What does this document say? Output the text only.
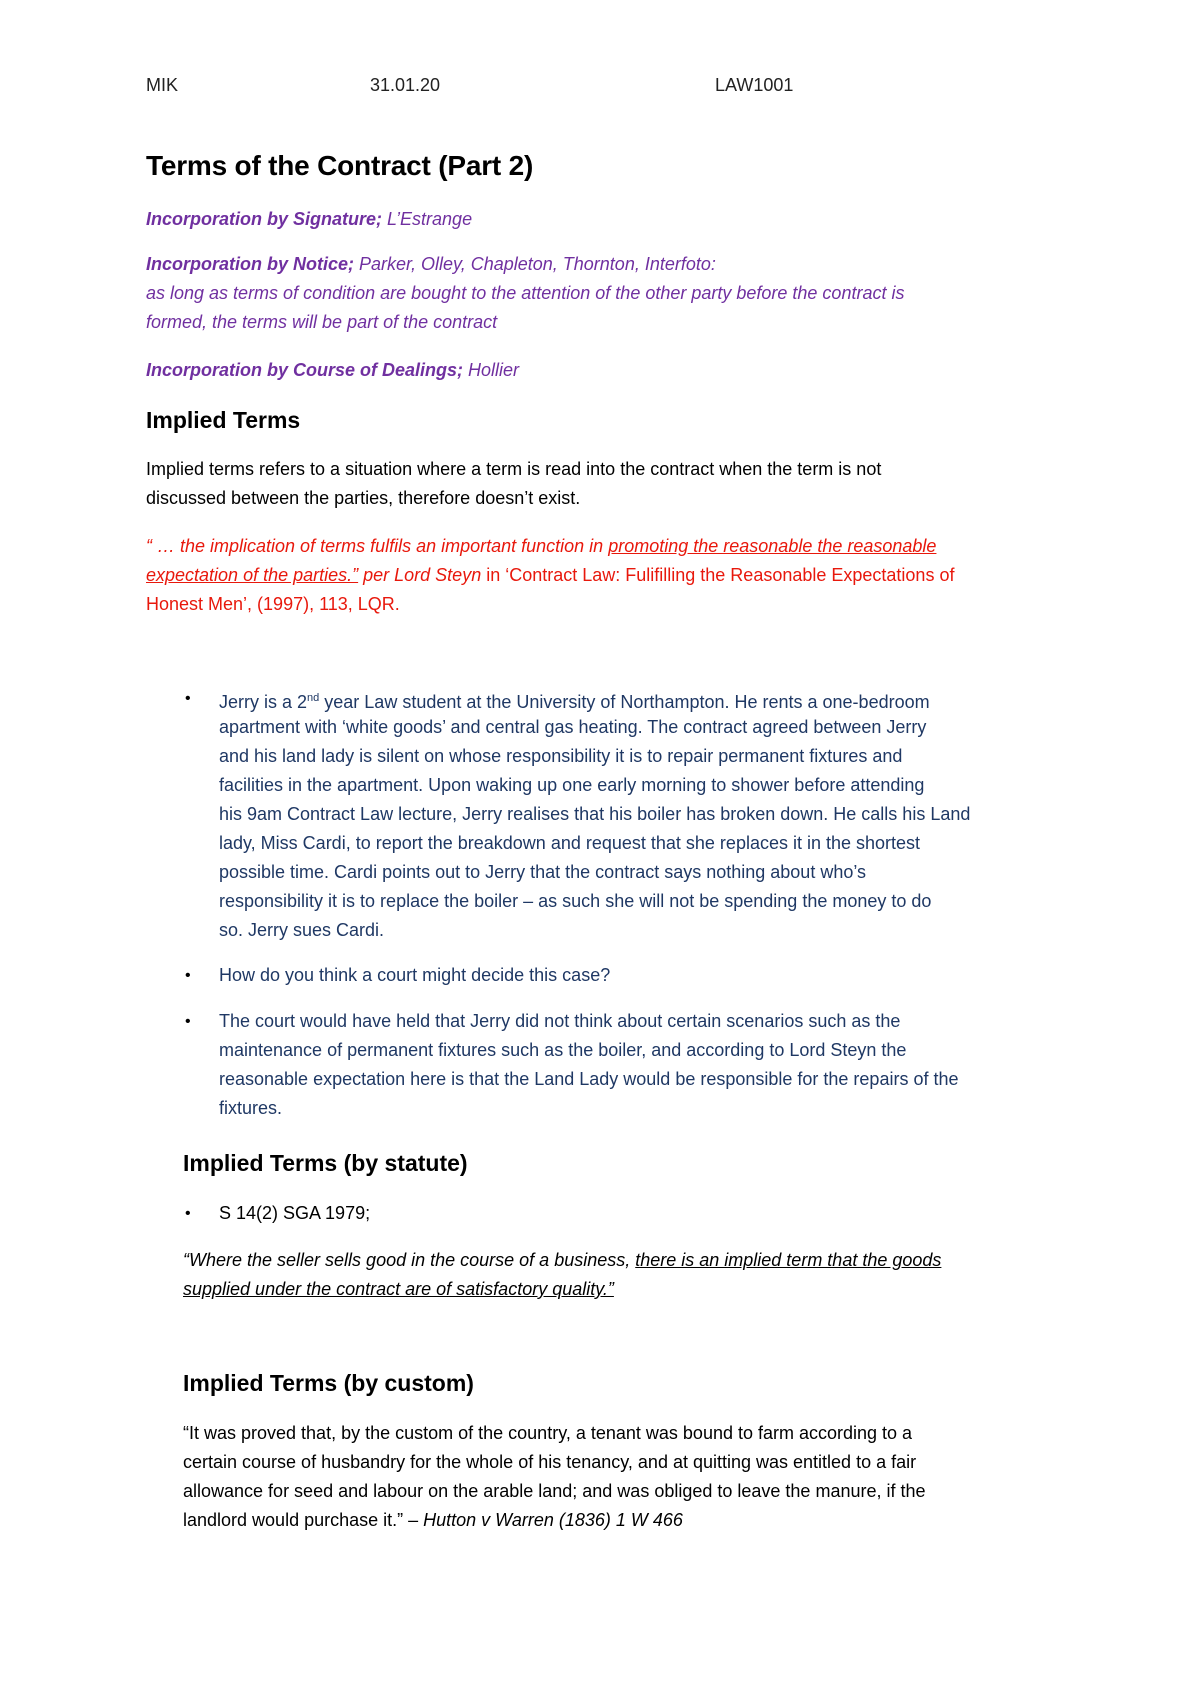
MIK	31.01.20	LAW1001
Terms of the Contract (Part 2)
Incorporation by Signature; L’Estrange
Incorporation by Notice; Parker, Olley, Chapleton, Thornton, Interfoto:
as long as terms of condition are bought to the attention of the other party before the contract is
formed, the terms will be part of the contract
Incorporation by Course of Dealings; Hollier
Implied Terms
Implied terms refers to a situation where a term is read into the contract when the term is not
discussed between the parties, therefore doesn’t exist.
“ … the implication of terms fulfils an important function in promoting the reasonable the reasonable
expectation of the parties.” per Lord Steyn in ‘Contract Law: Fulifilling the Reasonable Expectations of
Honest Men’, (1997), 113, LQR.
• Jerry is a 2nd year Law student at the University of Northampton. He rents a one-bedroom
apartment with ‘white goods’ and central gas heating. The contract agreed between Jerry
and his land lady is silent on whose responsibility it is to repair permanent fixtures and
facilities in the apartment. Upon waking up one early morning to shower before attending
his 9am Contract Law lecture, Jerry realises that his boiler has broken down. He calls his Land
lady, Miss Cardi, to report the breakdown and request that she replaces it in the shortest
possible time. Cardi points out to Jerry that the contract says nothing about who’s
responsibility it is to replace the boiler – as such she will not be spending the money to do
so. Jerry sues Cardi.
• How do you think a court might decide this case?
• The court would have held that Jerry did not think about certain scenarios such as the
maintenance of permanent fixtures such as the boiler, and according to Lord Steyn the
reasonable expectation here is that the Land Lady would be responsible for the repairs of the
fixtures.
Implied Terms (by statute)
• S 14(2) SGA 1979;
“Where the seller sells good in the course of a business, there is an implied term that the goods
supplied under the contract are of satisfactory quality.”
Implied Terms (by custom)
“It was proved that, by the custom of the country, a tenant was bound to farm according to a
certain course of husbandry for the whole of his tenancy, and at quitting was entitled to a fair
allowance for seed and labour on the arable land; and was obliged to leave the manure, if the
landlord would purchase it.” – Hutton v Warren (1836) 1 W 466
